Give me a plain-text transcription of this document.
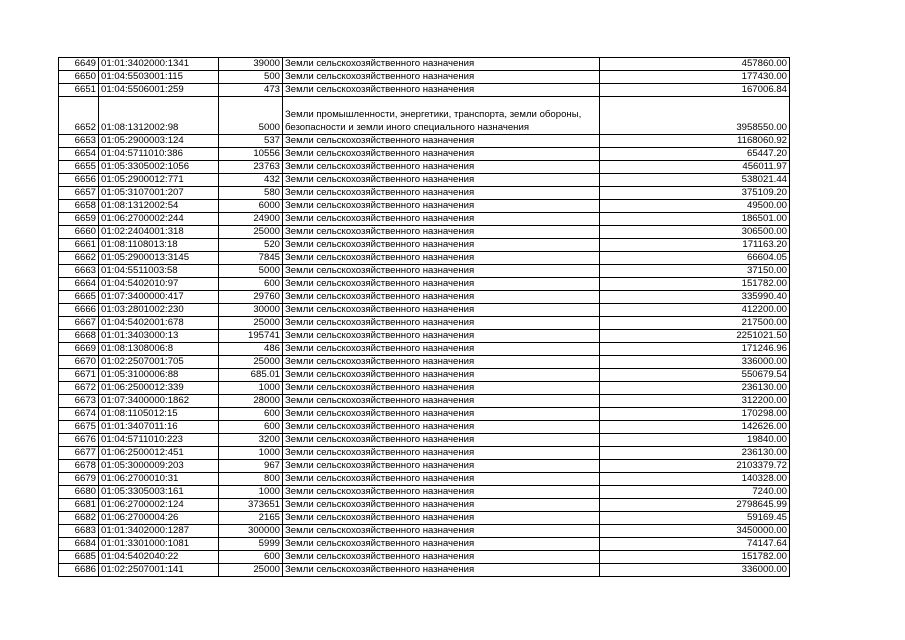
6649	01:01:3402000:1341	39000	Земли сельскохозяйственного назначения	457860.00
6650	01:04:5503001:115	500	Земли сельскохозяйственного назначения	177430.00
6651	01:04:5506001:259	473	Земли сельскохозяйственного назначения	167006.84
6652	01:08:1312002:98	5000	Земли промышленности, энергетики, транспорта, земли обороны, безопасности и земли иного специального назначения	3958550.00
6653	01:05:2900003:124	537	Земли сельскохозяйственного назначения	1168060.92
6654	01:04:5711010:386	10556	Земли сельскохозяйственного назначения	65447.20
6655	01:05:3305002:1056	23763	Земли сельскохозяйственного назначения	456011.97
6656	01:05:2900012:771	432	Земли сельскохозяйственного назначения	538021.44
6657	01:05:3107001:207	580	Земли сельскохозяйственного назначения	375109.20
6658	01:08:1312002:54	6000	Земли сельскохозяйственного назначения	49500.00
6659	01:06:2700002:244	24900	Земли сельскохозяйственного назначения	186501.00
6660	01:02:2404001:318	25000	Земли сельскохозяйственного назначения	306500.00
6661	01:08:1108013:18	520	Земли сельскохозяйственного назначения	171163.20
6662	01:05:2900013:3145	7845	Земли сельскохозяйственного назначения	66604.05
6663	01:04:5511003:58	5000	Земли сельскохозяйственного назначения	37150.00
6664	01:04:5402010:97	600	Земли сельскохозяйственного назначения	151782.00
6665	01:07:3400000:417	29760	Земли сельскохозяйственного назначения	335990.40
6666	01:03:2801002:230	30000	Земли сельскохозяйственного назначения	412200.00
6667	01:04:5402001:678	25000	Земли сельскохозяйственного назначения	217500.00
6668	01:01:3403000:13	195741	Земли сельскохозяйственного назначения	2251021.50
6669	01:08:1308006:8	486	Земли сельскохозяйственного назначения	171246.96
6670	01:02:2507001:705	25000	Земли сельскохозяйственного назначения	336000.00
6671	01:05:3100006:88	685.01	Земли сельскохозяйственного назначения	550679.54
6672	01:06:2500012:339	1000	Земли сельскохозяйственного назначения	236130.00
6673	01:07:3400000:1862	28000	Земли сельскохозяйственного назначения	312200.00
6674	01:08:1105012:15	600	Земли сельскохозяйственного назначения	170298.00
6675	01:01:3407011:16	600	Земли сельскохозяйственного назначения	142626.00
6676	01:04:5711010:223	3200	Земли сельскохозяйственного назначения	19840.00
6677	01:06:2500012:451	1000	Земли сельскохозяйственного назначения	236130.00
6678	01:05:3000009:203	967	Земли сельскохозяйственного назначения	2103379.72
6679	01:06:2700010:31	800	Земли сельскохозяйственного назначения	140328.00
6680	01:05:3305003:161	1000	Земли сельскохозяйственного назначения	7240.00
6681	01:06:2700002:124	373651	Земли сельскохозяйственного назначения	2798645.99
6682	01:06:2700004:26	2165	Земли сельскохозяйственного назначения	59169.45
6683	01:01:3402000:1287	300000	Земли сельскохозяйственного назначения	3450000.00
6684	01:01:3301000:1081	5999	Земли сельскохозяйственного назначения	74147.64
6685	01:04:5402040:22	600	Земли сельскохозяйственного назначения	151782.00
6686	01:02:2507001:141	25000	Земли сельскохозяйственного назначения	336000.00
